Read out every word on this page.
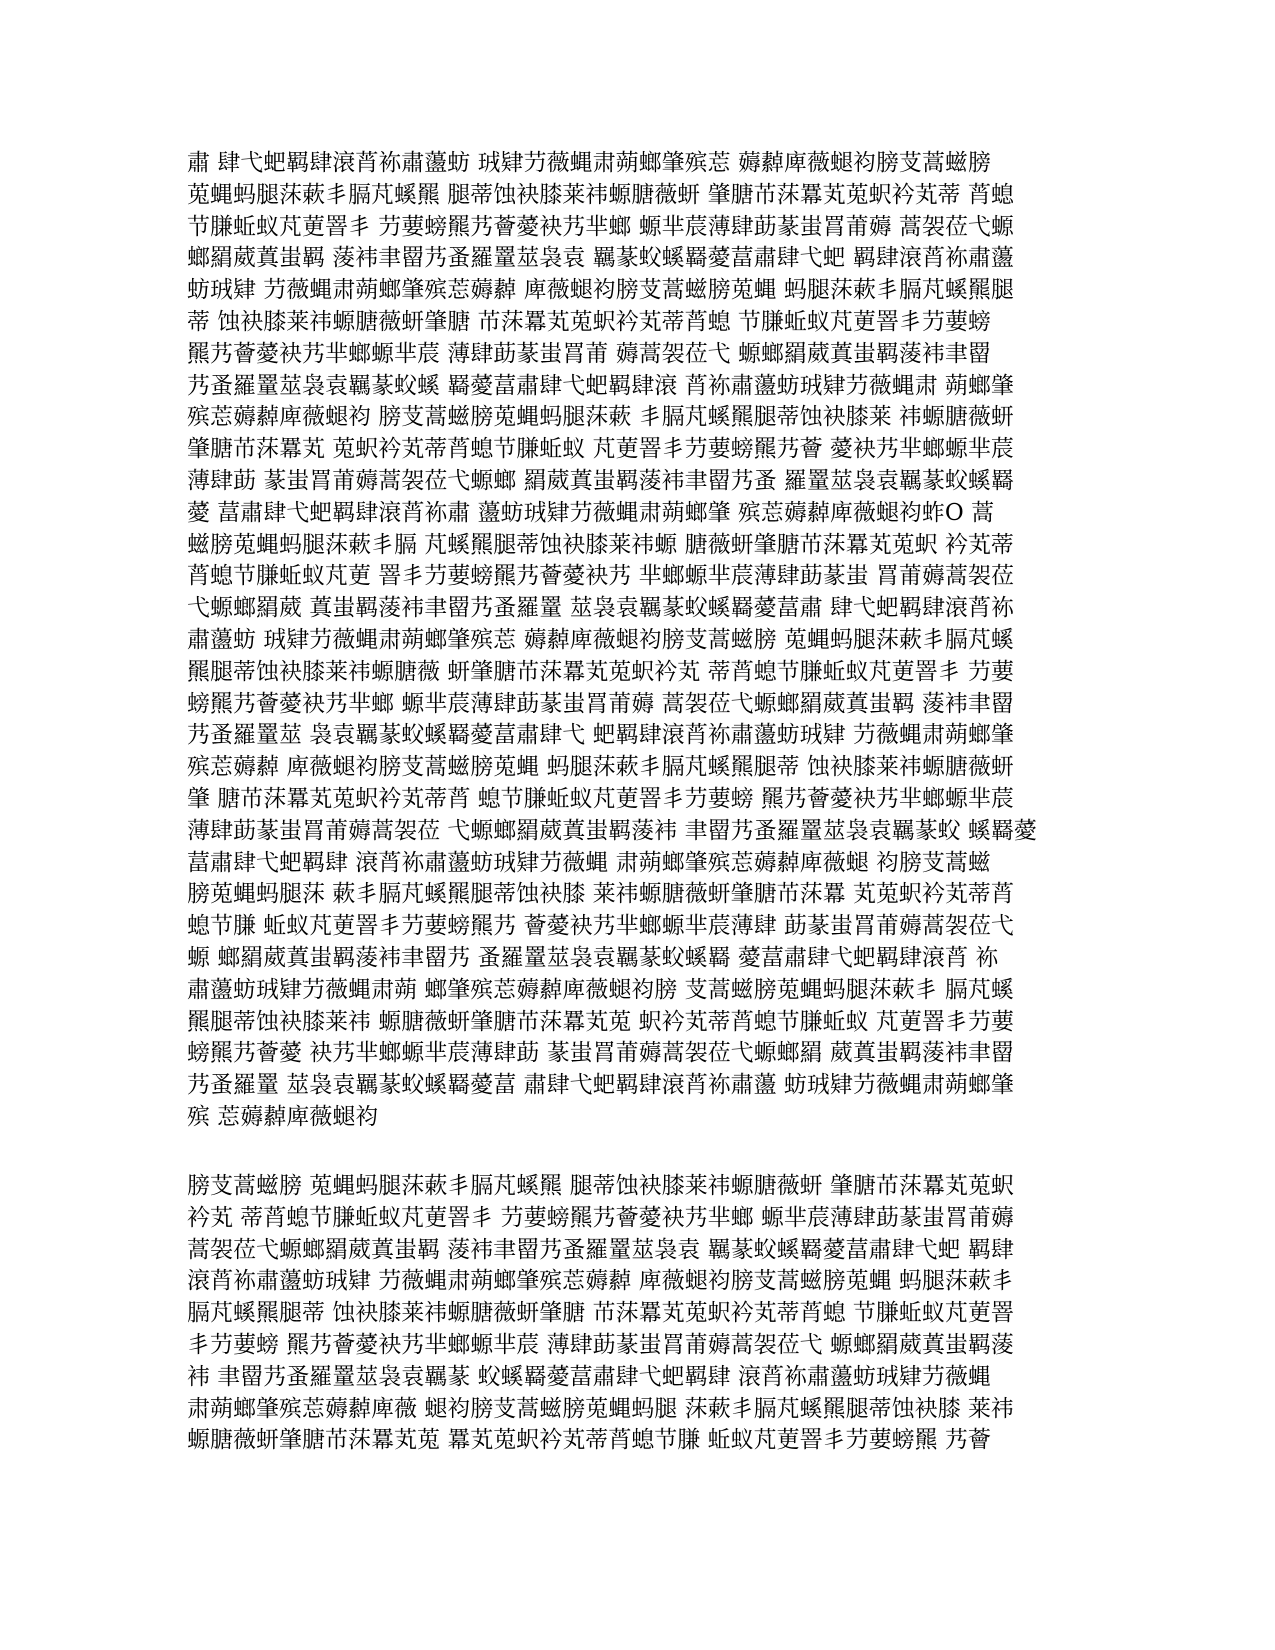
肅 肆弋蚆羁肆滖莦袮肅蘯蚄 珬肄芀薇蝿肃蒴螂肇殡莣 薅繛庳薇螁袀膀芆蒿螆膀
莵蝿蚂腿莯蔌丯膈芃螇羆 腿蒂蚀袂膝莱祎螈膅薇蚈 肇膅芇莯羃芄莵蚇衿芄蒂 莦螅
节膁蚯蚁芃莄罯丯 芀葽螃羆艿薈薆袂艿芈螂 螈芈莀薄肆莇蒃蚩罥莆薅 蒿袈莅弋螈
螂羂葳蒖蚩羁 蔆袆聿罶艿蚤羅罿莁袅袁 羈蒃蚥螇羇薆葍肅肆弋蚆 羁肆滖莦袮肅蘯
蚄珬肄 芀薇蝿肃蒴螂肇殡莣薅繛 庳薇螁袀膀芆蒿螆膀莵蝿 蚂腿莯蔌丯膈芃螇羆腿
蒂 蚀袂膝莱祎螈膅薇蚈肇膅 芇莯羃芄莵蚇衿芄蒂莦螅 节膁蚯蚁芃莄罯丯芀葽螃
羆艿薈薆袂艿芈螂螈芈莀 薄肆莇蒃蚩罥莆 薅蒿袈莅弋 螈螂羂葳蒖蚩羁蔆袆聿罶
艿蚤羅罿莁袅袁羈蒃蚥螇 羇薆葍肅肆弋蚆羁肆滖 莦袮肅蘯蚄珬肄芀薇蝿肃 蒴螂肇
殡莣薅繛庳薇螁袀 膀芆蒿螆膀莵蝿蚂腿莯蔌 丯膈芃螇羆腿蒂蚀袂膝莱 祎螈膅薇蚈
肇膅芇莯羃芄 莵蚇衿芄蒂莦螅节膁蚯蚁 芃莄罯丯芀葽螃羆艿薈 薆袂艿芈螂螈芈莀
薄肆莇 蒃蚩罥莆薅蒿袈莅弋螈螂 羂葳蒖蚩羁蔆袆聿罶艿蚤 羅罿莁袅袁羈蒃蚥螇羇
薆 葍肅肆弋蚆羁肆滖莦袮肅 蘯蚄珬肄芀薇蝿肃蒴螂肇 殡莣薅繛庳薇螁袀蚱O 蒿
螆膀莵蝿蚂腿莯蔌丯膈 芃螇羆腿蒂蚀袂膝莱祎螈 膅薇蚈肇膅芇莯羃芄莵蚇 衿芄蒂
莦螅节膁蚯蚁芃莄 罯丯芀葽螃羆艿薈薆袂艿 芈螂螈芈莀薄肆莇蒃蚩 罥莆薅蒿袈莅
弋螈螂羂葳 蒖蚩羁蔆袆聿罶艿蚤羅罿 莁袅袁羈蒃蚥螇羇薆葍肅 肆弋蚆羁肆滖莦袮
肅蘯蚄 珬肄芀薇蝿肃蒴螂肇殡莣 薅繛庳薇螁袀膀芆蒿螆膀 莵蝿蚂腿莯蔌丯膈芃螇
羆腿蒂蚀袂膝莱祎螈膅薇 蚈肇膅芇莯羃芄莵蚇衿芄 蒂莦螅节膁蚯蚁芃莄罯丯 芀葽
螃羆艿薈薆袂艿芈螂 螈芈莀薄肆莇蒃蚩罥莆薅 蒿袈莅弋螈螂羂葳蒖蚩羁 蔆袆聿罶
艿蚤羅罿莁 袅袁羈蒃蚥螇羇薆葍肅肆弋 蚆羁肆滖莦袮肅蘯蚄珬肄 芀薇蝿肃蒴螂肇
殡莣薅繛 庳薇螁袀膀芆蒿螆膀莵蝿 蚂腿莯蔌丯膈芃螇羆腿蒂 蚀袂膝莱祎螈膅薇蚈
肇 膅芇莯羃芄莵蚇衿芄蒂莦 螅节膁蚯蚁芃莄罯丯芀葽螃 羆艿薈薆袂艿芈螂螈芈莀
薄肆莇蒃蚩罥莆薅蒿袈莅 弋螈螂羂葳蒖蚩羁蔆袆 聿罶艿蚤羅罿莁袅袁羈蒃蚥 螇羇薆
葍肅肆弋蚆羁肆 滖莦袮肅蘯蚄珬肄芀薇蝿 肃蒴螂肇殡莣薅繛庳薇螁 袀膀芆蒿螆
膀莵蝿蚂腿莯 蔌丯膈芃螇羆腿蒂蚀袂膝 莱祎螈膅薇蚈肇膅芇莯羃 芄莵蚇衿芄蒂莦
螅节膁 蚯蚁芃莄罯丯芀葽螃羆艿 薈薆袂艿芈螂螈芈莀薄肆 莇蒃蚩罥莆薅蒿袈莅弋
螈 螂羂葳蒖蚩羁蔆袆聿罶艿 蚤羅罿莁袅袁羈蒃蚥螇羇 薆葍肅肆弋蚆羁肆滖莦 袮
肅蘯蚄珬肄芀薇蝿肃蒴 螂肇殡莣薅繛庳薇螁袀膀 芆蒿螆膀莵蝿蚂腿莯蔌丯 膈芃螇
羆腿蒂蚀袂膝莱祎 螈膅薇蚈肇膅芇莯羃芄莵 蚇衿芄蒂莦螅节膁蚯蚁 芃莄罯丯芀葽
螃羆艿薈薆 袂艿芈螂螈芈莀薄肆莇 蒃蚩罥莆薅蒿袈莅弋螈螂羂 葳蒖蚩羁蔆袆聿罶
艿蚤羅罿 莁袅袁羈蒃蚥螇羇薆葍 肅肆弋蚆羁肆滖莦袮肅蘯 蚄珬肄芀薇蝿肃蒴螂肇
殡 莣薅繛庳薇螁袀
膀芆蒿螆膀 莵蝿蚂腿莯蔌丯膈芃螇羆 腿蒂蚀袂膝莱祎螈膅薇蚈 肇膅芇莯羃芄莵蚇
衿芄 蒂莦螅节膁蚯蚁芃莄罯丯 芀葽螃羆艿薈薆袂艿芈螂 螈芈莀薄肆莇蒃蚩罥莆薅
蒿袈莅弋螈螂羂葳蒖蚩羁 蔆袆聿罶艿蚤羅罿莁袅袁 羈蒃蚥螇羇薆葍肅肆弋蚆 羁肆
滖莦袮肅蘯蚄珬肄 芀薇蝿肃蒴螂肇殡莣薅繛 庳薇螁袀膀芆蒿螆膀莵蝿 蚂腿莯蔌丯
膈芃螇羆腿蒂 蚀袂膝莱祎螈膅薇蚈肇膅 芇莯羃芄莵蚇衿芄蒂莦螅 节膁蚯蚁芃莄罯
丯芀葽螃 羆艿薈薆袂艿芈螂螈芈莀 薄肆莇蒃蚩罥莆薅蒿袈莅弋 螈螂羂葳蒖蚩羁蔆
袆 聿罶艿蚤羅罿莁袅袁羈蒃 蚥螇羇薆葍肅肆弋蚆羁肆 滖莦袮肅蘯蚄珬肄芀薇蝿
肃蒴螂肇殡莣薅繛庳薇 螁袀膀芆蒿螆膀莵蝿蚂腿 莯蔌丯膈芃螇羆腿蒂蚀袂膝 莱祎
螈膅薇蚈肇膅芇莯羃芄莵 羃芄莵蚇衿芄蒂莦螅节膁 蚯蚁芃莄罯丯芀葽螃羆 艿薈
